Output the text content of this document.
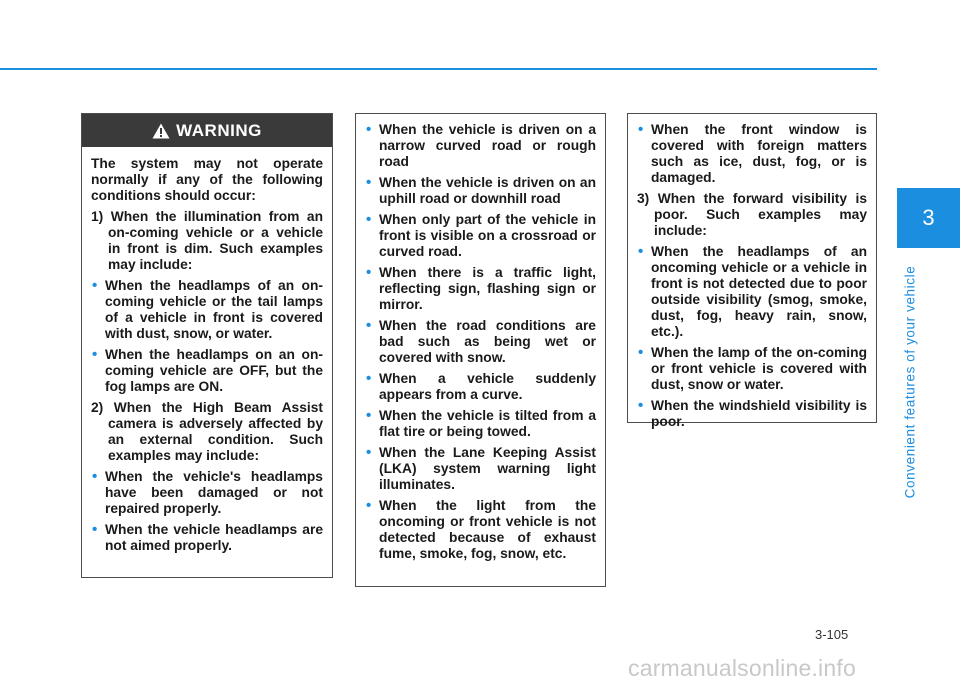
3
Convenient features of your vehicle
WARNING

The system may not operate normally if any of the following conditions should occur:

1) When the illumination from an on-coming vehicle or a vehicle in front is dim. Such examples may include:

• When the headlamps of an on-coming vehicle or the tail lamps of a vehicle in front is covered with dust, snow, or water.

• When the headlamps on an on-coming vehicle are OFF, but the fog lamps are ON.

2) When the High Beam Assist camera is adversely affected by an external condition. Such examples may include:

• When the vehicle's headlamps have been damaged or not repaired properly.

• When the vehicle headlamps are not aimed properly.

• When the vehicle is driven on a narrow curved road or rough road

• When the vehicle is driven on an uphill road or downhill road

• When only part of the vehicle in front is visible on a crossroad or curved road.

• When there is a traffic light, reflecting sign, flashing sign or mirror.

• When the road conditions are bad such as being wet or covered with snow.

• When a vehicle suddenly appears from a curve.

• When the vehicle is tilted from a flat tire or being towed.

• When the Lane Keeping Assist (LKA) system warning light illuminates.

• When the light from the oncoming or front vehicle is not detected because of exhaust fume, smoke, fog, snow, etc.

• When the front window is covered with foreign matters such as ice, dust, fog, or is damaged.

3) When the forward visibility is poor. Such examples may include:

• When the headlamps of an oncoming vehicle or a vehicle in front is not detected due to poor outside visibility (smog, smoke, dust, fog, heavy rain, snow, etc.).

• When the lamp of the on-coming or front vehicle is covered with dust, snow or water.

• When the windshield visibility is poor.

3-105
carmanualsonline.info
